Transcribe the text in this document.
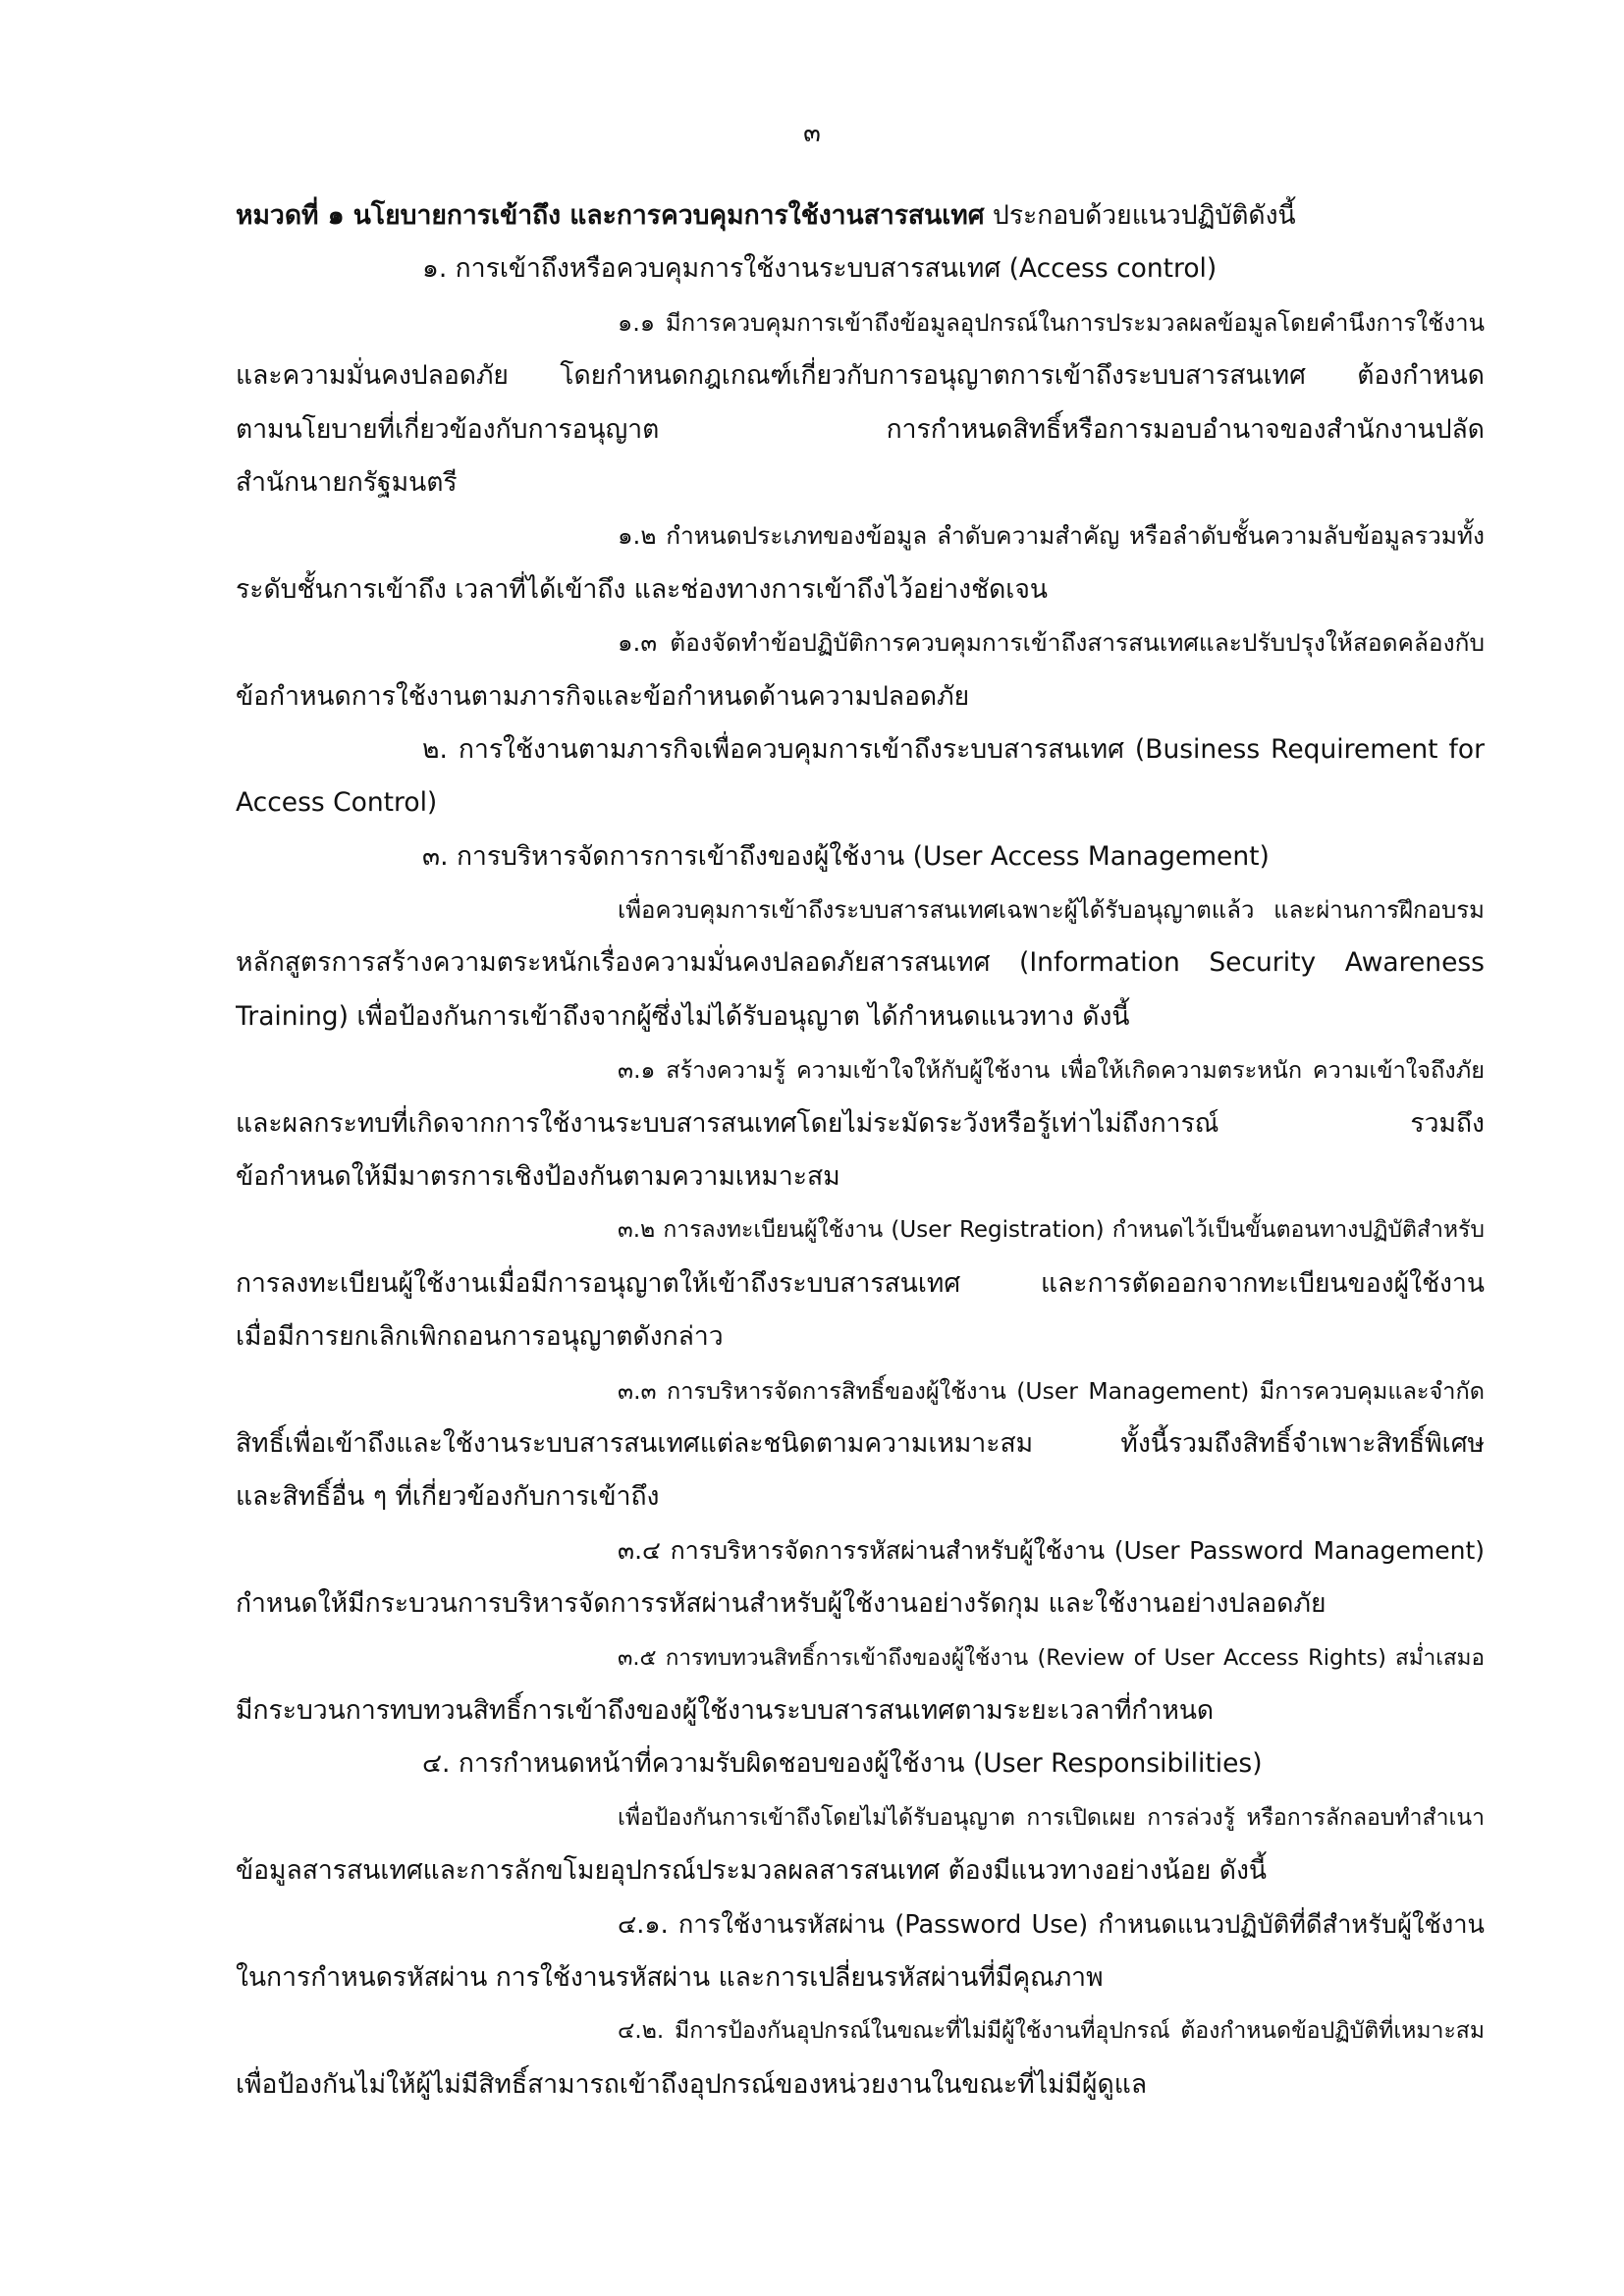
๓
หมวดที่ ๑ นโยบายการเข้าถึง และการควบคุมการใช้งานสารสนเทศ ประกอบด้วยแนวปฏิบัติดังนี้
๑. การเข้าถึงหรือควบคุมการใช้งานระบบสารสนเทศ (Access control)
๑.๑ มีการควบคุมการเข้าถึงข้อมูลอุปกรณ์ในการประมวลผลข้อมูลโดยคำนึงการใช้งาน
และความมั่นคงปลอดภัย โดยกำหนดกฎเกณฑ์เกี่ยวกับการอนุญาตการเข้าถึงระบบสารสนเทศ ต้องกำหนด
ตามนโยบายที่เกี่ยวข้องกับการอนุญาต การกำหนดสิทธิ์หรือการมอบอำนาจของสำนักงานปลัด
สำนักนายกรัฐมนตรี
๑.๒ กำหนดประเภทของข้อมูล ลำดับความสำคัญ หรือลำดับชั้นความลับข้อมูลรวมทั้ง
ระดับชั้นการเข้าถึง เวลาที่ได้เข้าถึง และช่องทางการเข้าถึงไว้อย่างชัดเจน
๑.๓ ต้องจัดทำข้อปฏิบัติการควบคุมการเข้าถึงสารสนเทศและปรับปรุงให้สอดคล้องกับ
ข้อกำหนดการใช้งานตามภารกิจและข้อกำหนดด้านความปลอดภัย
๒. การใช้งานตามภารกิจเพื่อควบคุมการเข้าถึงระบบสารสนเทศ (Business Requirement for
Access Control)
๓. การบริหารจัดการการเข้าถึงของผู้ใช้งาน (User Access Management)
เพื่อควบคุมการเข้าถึงระบบสารสนเทศเฉพาะผู้ได้รับอนุญาตแล้ว และผ่านการฝึกอบรม
หลักสูตรการสร้างความตระหนักเรื่องความมั่นคงปลอดภัยสารสนเทศ (Information Security Awareness
Training) เพื่อป้องกันการเข้าถึงจากผู้ซึ่งไม่ได้รับอนุญาต ได้กำหนดแนวทาง ดังนี้
๓.๑ สร้างความรู้ ความเข้าใจให้กับผู้ใช้งาน เพื่อให้เกิดความตระหนัก ความเข้าใจถึงภัย
และผลกระทบที่เกิดจากการใช้งานระบบสารสนเทศโดยไม่ระมัดระวังหรือรู้เท่าไม่ถึงการณ์ รวมถึง
ข้อกำหนดให้มีมาตรการเชิงป้องกันตามความเหมาะสม
๓.๒ การลงทะเบียนผู้ใช้งาน (User Registration) กำหนดไว้เป็นขั้นตอนทางปฏิบัติสำหรับ
การลงทะเบียนผู้ใช้งานเมื่อมีการอนุญาตให้เข้าถึงระบบสารสนเทศ และการตัดออกจากทะเบียนของผู้ใช้งาน
เมื่อมีการยกเลิกเพิกถอนการอนุญาตดังกล่าว
๓.๓ การบริหารจัดการสิทธิ์ของผู้ใช้งาน (User Management) มีการควบคุมและจำกัด
สิทธิ์เพื่อเข้าถึงและใช้งานระบบสารสนเทศแต่ละชนิดตามความเหมาะสม ทั้งนี้รวมถึงสิทธิ์จำเพาะสิทธิ์พิเศษ
และสิทธิ์อื่น ๆ ที่เกี่ยวข้องกับการเข้าถึง
๓.๔ การบริหารจัดการรหัสผ่านสำหรับผู้ใช้งาน (User Password Management)
กำหนดให้มีกระบวนการบริหารจัดการรหัสผ่านสำหรับผู้ใช้งานอย่างรัดกุม และใช้งานอย่างปลอดภัย
๓.๕ การทบทวนสิทธิ์การเข้าถึงของผู้ใช้งาน (Review of User Access Rights) สม่ำเสมอ
มีกระบวนการทบทวนสิทธิ์การเข้าถึงของผู้ใช้งานระบบสารสนเทศตามระยะเวลาที่กำหนด
๔. การกำหนดหน้าที่ความรับผิดชอบของผู้ใช้งาน (User Responsibilities)
เพื่อป้องกันการเข้าถึงโดยไม่ได้รับอนุญาต การเปิดเผย การล่วงรู้ หรือการลักลอบทำสำเนา
ข้อมูลสารสนเทศและการลักขโมยอุปกรณ์ประมวลผลสารสนเทศ ต้องมีแนวทางอย่างน้อย ดังนี้
๔.๑. การใช้งานรหัสผ่าน (Password Use) กำหนดแนวปฏิบัติที่ดีสำหรับผู้ใช้งาน
ในการกำหนดรหัสผ่าน การใช้งานรหัสผ่าน และการเปลี่ยนรหัสผ่านที่มีคุณภาพ
๔.๒. มีการป้องกันอุปกรณ์ในขณะที่ไม่มีผู้ใช้งานที่อุปกรณ์ ต้องกำหนดข้อปฏิบัติที่เหมาะสม
เพื่อป้องกันไม่ให้ผู้ไม่มีสิทธิ์สามารถเข้าถึงอุปกรณ์ของหน่วยงานในขณะที่ไม่มีผู้ดูแล
